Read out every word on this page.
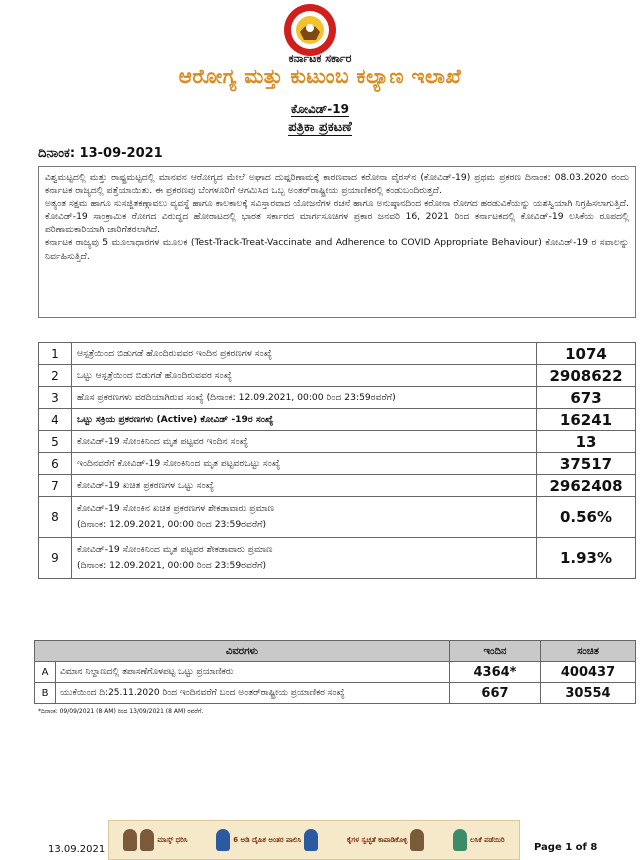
ಕರ್ನಾಟಕ ಸರ್ಕಾರ
ಆರೋಗ್ಯ ಮತ್ತು ಕುಟುಂಬ ಕಲ್ಯಾಣ ಇಲಾಖೆ
ಕೋವಿಡ್-19
ಪತ್ರಿಕಾ ಪ್ರಕಟಣೆ
ದಿನಾಂಕ: 13-09-2021

ವಿಶ್ವಮಟ್ಟದಲ್ಲಿ ಮತ್ತು ರಾಷ್ಟ್ರಮಟ್ಟದಲ್ಲಿ ಮಾನವನ ಆರೋಗ್ಯದ ಮೇಲೆ ಅಘಾದ ದುಷ್ಪರಿಣಾಮಕ್ಕೆ ಕಾರಣವಾದ ಕರೋನಾ ವೈರಸ್‌ನ (ಕೋವಿಡ್-19) ಪ್ರಥಮ ಪ್ರಕರಣ ದಿನಾಂಕ: 08.03.2020 ರಂದು ಕರ್ನಾಟಕ ರಾಜ್ಯದಲ್ಲಿ ಪತ್ತೆಯಾಯಿತು. ಈ ಪ್ರಕರಣವು ಬೆಂಗಳೂರಿಗೆ ಆಗಮಿಸಿದ ಒಬ್ಬ ಅಂತರ್‌ರಾಷ್ಟ್ರೀಯ ಪ್ರಯಾಣಿಕರಲ್ಲಿ ಕಂಡುಬಂದಿರುತ್ತದೆ.

ಅತ್ಯಂತ ಸಕ್ಷಮ ಹಾಗೂ ಸುಸಜ್ಜಿತಕಣ್ಗಾವಲು ವ್ಯವಸ್ಥೆ ಹಾಗೂ ಕಾಲಕಾಲಕ್ಕೆ ಸವಿಸ್ತಾರವಾದ ಯೋಜನೆಗಳ ರಚನೆ ಹಾಗೂ ಅನುಷ್ಠಾನದಿಂದ ಕರೋನಾ ರೋಗದ ಹರಡುವಿಕೆಯನ್ನು ಯಶಸ್ವಿಯಾಗಿ ನಿಗ್ರಹಿಸಲಾಗುತ್ತಿದೆ.

ಕೋವಿಡ್-19 ಸಾಂಕ್ರಾಮಿಕ ರೋಗದ ವಿರುದ್ಧದ ಹೋರಾಟದಲ್ಲಿ ಭಾರತ ಸರ್ಕಾರದ ಮಾರ್ಗಸೂಚಿಗಳ ಪ್ರಕಾರ ಜನವರಿ 16, 2021 ರಿಂದ ಕರ್ನಾಟಕದಲ್ಲಿ ಕೋವಿಡ್-19 ಲಸಿಕೆಯ ರೂಪದಲ್ಲಿ ಪರಿಣಾಮಕಾರಿಯಾಗಿ ಜಾರಿಗೆತರಲಾಗಿದೆ.

ಕರ್ನಾಟಕ ರಾಜ್ಯವು 5 ಮೂಲಾಧಾರಗಳ ಮೂಲಕ (Test-Track-Treat-Vaccinate and Adherence to COVID Appropriate Behaviour) ಕೋವಿಡ್-19 ರ ಸವಾಲನ್ನು ನಿರ್ವಹಿಸುತ್ತಿದೆ.

1	ಆಸ್ಪತ್ರೆಯಿಂದ ಬಿಡುಗಡೆ ಹೊಂದಿರುವವರ ಇಂದಿನ ಪ್ರಕರಣಗಳ ಸಂಖ್ಯೆ	1074
2	ಒಟ್ಟು ಆಸ್ಪತ್ರೆಯಿಂದ ಬಿಡುಗಡೆ ಹೊಂದಿರುವವರ ಸಂಖ್ಯೆ	2908622
3	ಹೊಸ ಪ್ರಕರಣಗಳು ವರದಿಯಾಗಿರುವ ಸಂಖ್ಯೆ (ದಿನಾಂಕ: 12.09.2021, 00:00 ರಿಂದ 23:59ರವರೆಗೆ)	673
4	ಒಟ್ಟು ಸಕ್ರಿಯ ಪ್ರಕರಣಗಳು (Active) ಕೋವಿಡ್ -19ರ ಸಂಖ್ಯೆ	16241
5	ಕೋವಿಡ್-19 ಸೋಂಕಿನಿಂದ ಮೃತ ಪಟ್ಟವರ ಇಂದಿನ ಸಂಖ್ಯೆ	13
6	ಇಂದಿನವರೆಗೆ ಕೋವಿಡ್-19 ಸೋಂಕಿನಿಂದ ಮೃತ ಪಟ್ಟವರಒಟ್ಟು ಸಂಖ್ಯೆ	37517
7	ಕೋವಿಡ್-19 ಖಚಿತ ಪ್ರಕರಣಗಳ ಒಟ್ಟು ಸಂಖ್ಯೆ	2962408
8	ಕೋವಿಡ್-19 ಸೋಂಕಿನ ಖಚಿತ ಪ್ರಕರಣಗಳ ಶೇಕಡಾವಾರು ಪ್ರಮಾಣ
(ದಿನಾಂಕ: 12.09.2021, 00:00 ರಿಂದ 23:59ರವರೆಗೆ)	0.56%
9	ಕೋವಿಡ್-19 ಸೋಂಕಿನಿಂದ ಮೃತ ಪಟ್ಟವರ ಶೇಕಡಾವಾರು ಪ್ರಮಾಣ
(ದಿನಾಂಕ: 12.09.2021, 00:00 ರಿಂದ 23:59ರವರೆಗೆ)	1.93%
ವಿವರಗಳು		ಇಂದಿನ	ಸಂಚಿತ
A	ವಿಮಾನ ನಿಲ್ದಾಣದಲ್ಲಿ ತಪಾಸಣೆಗೊಳಪಟ್ಟ ಒಟ್ಟು ಪ್ರಯಾಣಿಕರು	4364*	400437
B	ಯುಕೆಯಿಂದ ದಿ:25.11.2020 ರಿಂದ ಇಂದಿನವರೆಗೆ ಬಂದ ಅಂತರ್‌ರಾಷ್ಟ್ರೀಯ ಪ್ರಯಾಣಿಕರ ಸಂಖ್ಯೆ	667	30554
*ದಿನಾಂಕ: 09/09/2021 (8 AM) ರಿಂದ 13/09/2021 (8 AM) ರವರೆಗೆ.
13.09.2021
ಮಾಸ್ಕ್ ಧರಿಸಿ	6 ಅಡಿ ದೈಹಿಕ ಅಂತರ ಪಾಲಿಸಿ	ಕೈಗಳ ಸ್ವಚ್ಛತೆ ಕಾಪಾಡಿಕೊಳ್ಳಿ	ಲಸಿಕೆ ಪಡೆಯಿರಿ
Page 1 of 8
